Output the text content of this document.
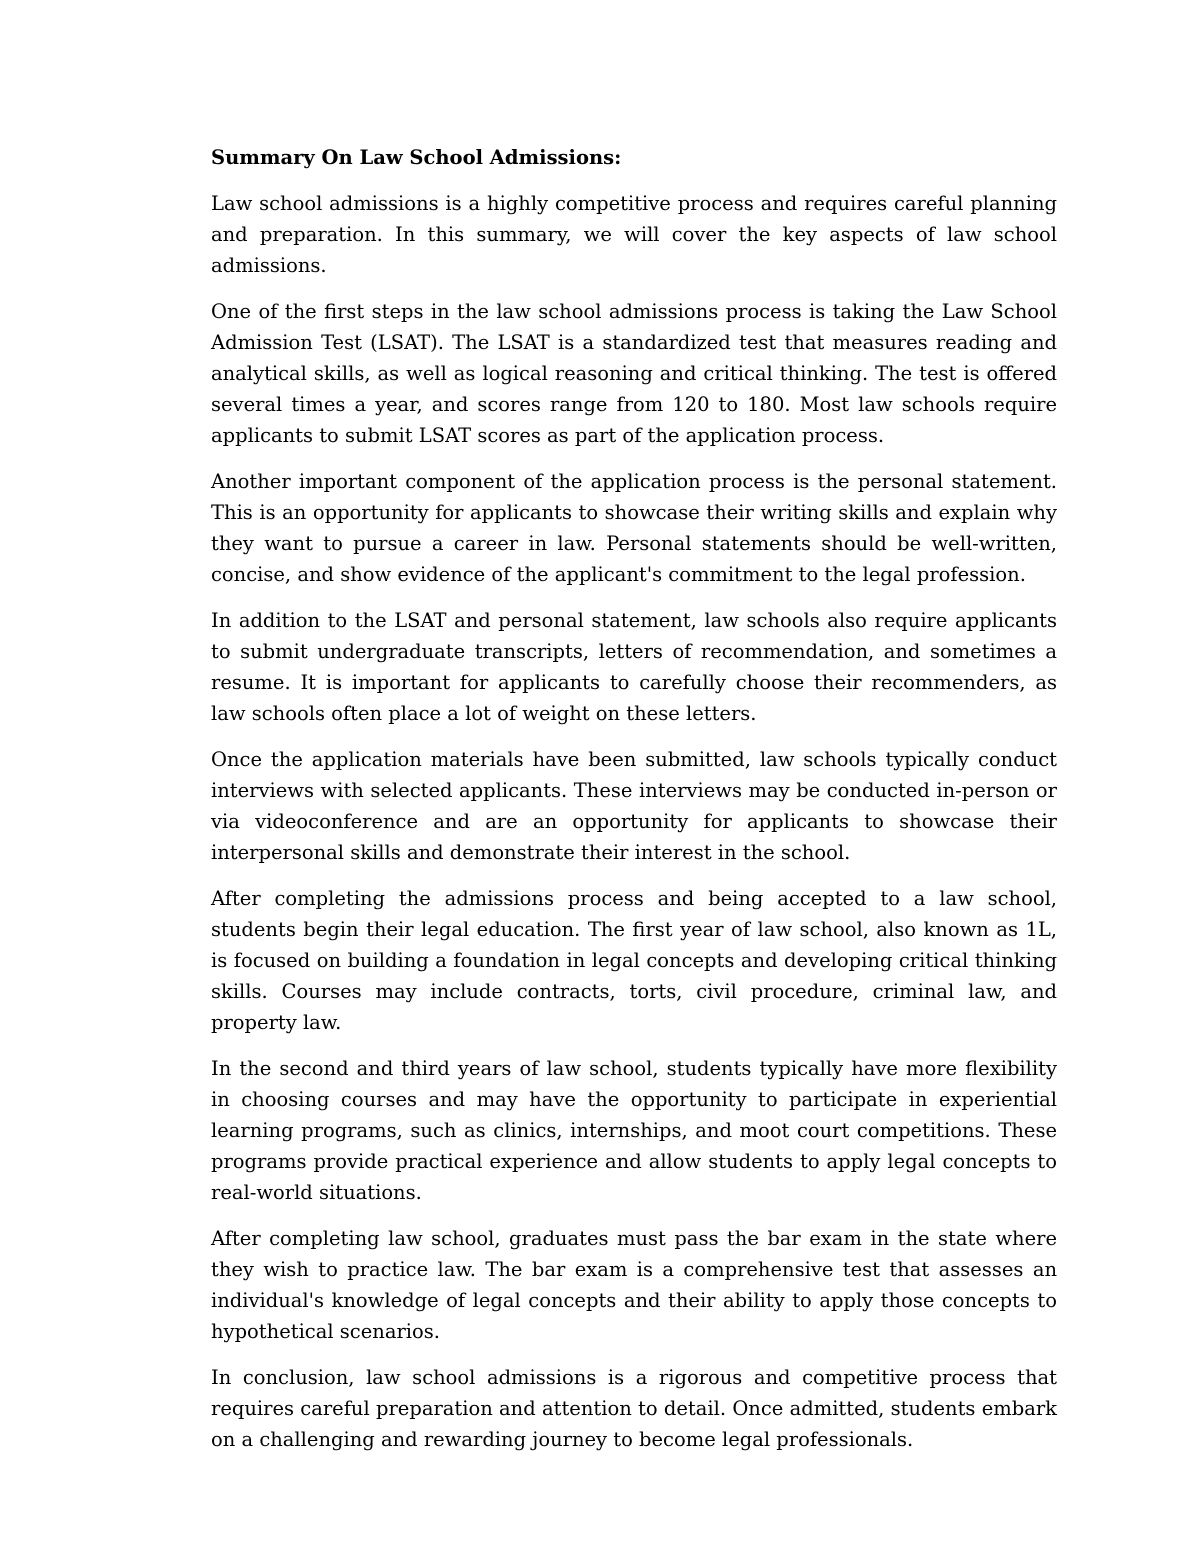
Summary On Law School Admissions:

Law school admissions is a highly competitive process and requires careful planning and preparation. In this summary, we will cover the key aspects of law school admissions.

One of the first steps in the law school admissions process is taking the Law School Admission Test (LSAT). The LSAT is a standardized test that measures reading and analytical skills, as well as logical reasoning and critical thinking. The test is offered several times a year, and scores range from 120 to 180. Most law schools require applicants to submit LSAT scores as part of the application process.

Another important component of the application process is the personal statement. This is an opportunity for applicants to showcase their writing skills and explain why they want to pursue a career in law. Personal statements should be well-written, concise, and show evidence of the applicant's commitment to the legal profession.

In addition to the LSAT and personal statement, law schools also require applicants to submit undergraduate transcripts, letters of recommendation, and sometimes a resume. It is important for applicants to carefully choose their recommenders, as law schools often place a lot of weight on these letters.

Once the application materials have been submitted, law schools typically conduct interviews with selected applicants. These interviews may be conducted in-person or via videoconference and are an opportunity for applicants to showcase their interpersonal skills and demonstrate their interest in the school.

After completing the admissions process and being accepted to a law school, students begin their legal education. The first year of law school, also known as 1L, is focused on building a foundation in legal concepts and developing critical thinking skills. Courses may include contracts, torts, civil procedure, criminal law, and property law.

In the second and third years of law school, students typically have more flexibility in choosing courses and may have the opportunity to participate in experiential learning programs, such as clinics, internships, and moot court competitions. These programs provide practical experience and allow students to apply legal concepts to real-world situations.

After completing law school, graduates must pass the bar exam in the state where they wish to practice law. The bar exam is a comprehensive test that assesses an individual's knowledge of legal concepts and their ability to apply those concepts to hypothetical scenarios.

In conclusion, law school admissions is a rigorous and competitive process that requires careful preparation and attention to detail. Once admitted, students embark on a challenging and rewarding journey to become legal professionals.
